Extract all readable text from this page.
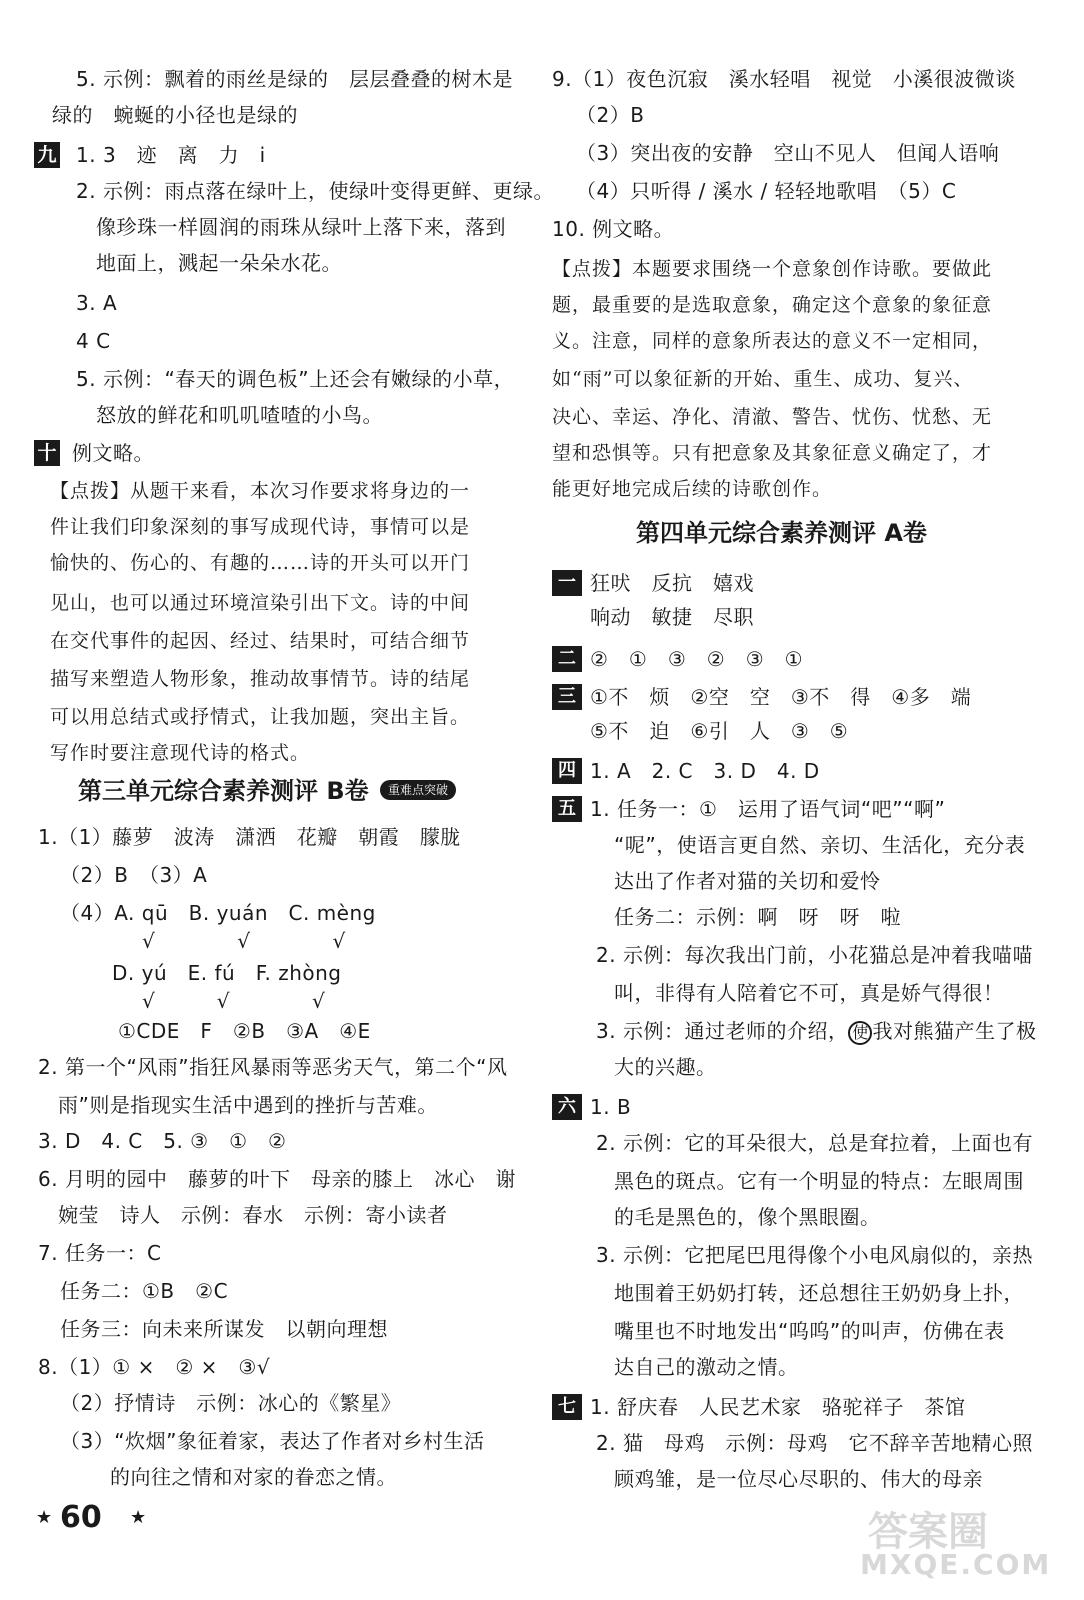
5. 示例：飘着的雨丝是绿的　层层叠叠的树木是
绿的　蜿蜒的小径也是绿的
九 1. 3　迹　离　力　i
2. 示例：雨点落在绿叶上，使绿叶变得更鲜、更绿。
像珍珠一样圆润的雨珠从绿叶上落下来，落到
地面上，溅起一朵朵水花。
3. A
4 C
5. 示例：“春天的调色板”上还会有嫩绿的小草，
怒放的鲜花和叽叽喳喳的小鸟。
十 例文略。
【点拨】从题干来看，本次习作要求将身边的一
件让我们印象深刻的事写成现代诗，事情可以是
愉快的、伤心的、有趣的……诗的开头可以开门
见山，也可以通过环境渲染引出下文。诗的中间
在交代事件的起因、经过、结果时，可结合细节
描写来塑造人物形象，推动故事情节。诗的结尾
可以用总结式或抒情式，让我加题，突出主旨。
写作时要注意现代诗的格式。
第三单元综合素养测评 B卷	重难点突破
1.（1）藤萝　波涛　潇洒　花瓣　朝霞　朦胧
（2）B　（3）A
（4）A. qū　B. yuán　C. mèng
√　　　　√　　　　√
D. yú　E. fú　F. zhòng
√　　　√　　　　√
①CDE　F　②B　③A　④E
2. 第一个“风雨”指狂风暴雨等恶劣天气，第二个“风
雨”则是指现实生活中遇到的挫折与苦难。
3. D　4. C　5. ③　①　②
6. 月明的园中　藤萝的叶下　母亲的膝上　冰心　谢
婉莹　诗人　示例：春水　示例：寄小读者
7. 任务一：C
任务二：①B　②C
任务三：向未来所谋发　以朝向理想
8.（1）① ×　② ×　③√
（2）抒情诗　示例：冰心的《繁星》
（3）“炊烟”象征着家，表达了作者对乡村生活
的向往之情和对家的眷恋之情。
★ 60 ★
9.（1）夜色沉寂　溪水轻唱　视觉　小溪很波微谈
（2）B
（3）突出夜的安静　空山不见人　但闻人语响
（4）只听得 / 溪水 / 轻轻地歌唱　（5）C
10. 例文略。
【点拨】本题要求围绕一个意象创作诗歌。要做此
题，最重要的是选取意象，确定这个意象的象征意
义。注意，同样的意象所表达的意义不一定相同，
如“雨”可以象征新的开始、重生、成功、复兴、
决心、幸运、净化、清澈、警告、忧伤、忧愁、无
望和恐惧等。只有把意象及其象征意义确定了，才
能更好地完成后续的诗歌创作。
第四单元综合素养测评 A卷
一 狂吠　反抗　嬉戏
响动　敏捷　尽职
二 ②　①　③　②　③　①
三 ①不　烦　②空　空　③不　得　④多　端
⑤不　迫　⑥引　人　③　⑤
四 1. A　2. C　3. D　4. D
五 1. 任务一：①　运用了语气词“吧”“啊”
“呢”，使语言更自然、亲切、生活化，充分表
达出了作者对猫的关切和爱怜
任务二：示例：啊　呀　呀　啦
2. 示例：每次我出门前，小花猫总是冲着我喵喵
叫，非得有人陪着它不可，真是娇气得很！
3. 示例：通过老师的介绍， 使 我对熊猫产生了极
大的兴趣。
六 1. B
2. 示例：它的耳朵很大，总是耷拉着，上面也有
黑色的斑点。它有一个明显的特点：左眼周围
的毛是黑色的，像个黑眼圈。
3. 示例：它把尾巴甩得像个小电风扇似的，亲热
地围着王奶奶打转，还总想往王奶奶身上扑，
嘴里也不时地发出“呜呜”的叫声，仿佛在表
达自己的激动之情。
七 1. 舒庆春　人民艺术家　骆驼祥子　茶馆
2. 猫　母鸡　示例：母鸡　它不辞辛苦地精心照
顾鸡雏，是一位尽心尽职的、伟大的母亲
答案圈
MXQE.COM
